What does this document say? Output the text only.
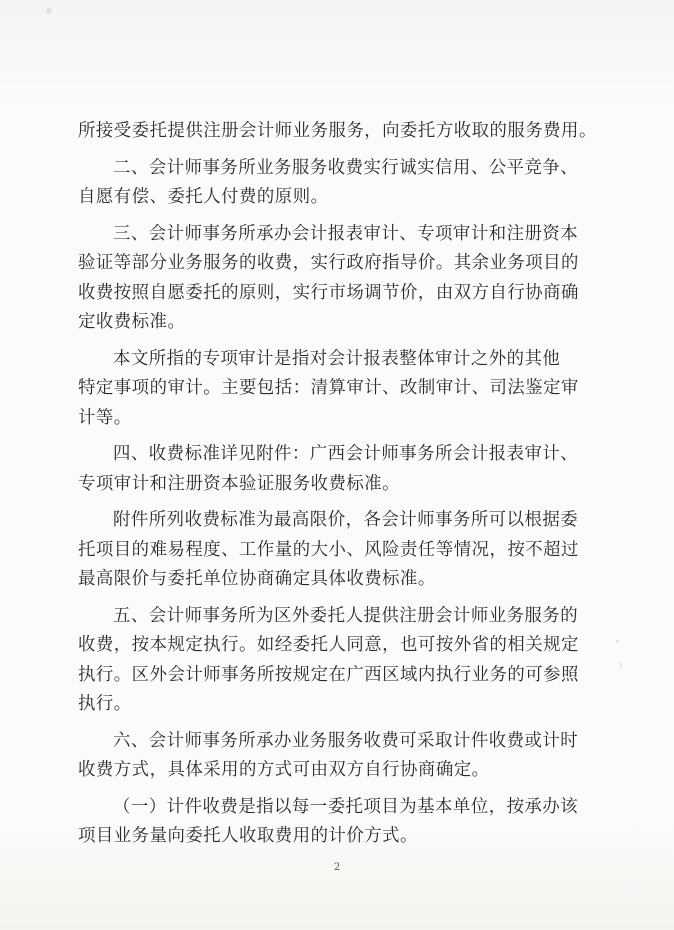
所接受委托提供注册会计师业务服务，向委托方收取的服务费用。
二、会计师事务所业务服务收费实行诚实信用、公平竞争、
自愿有偿、委托人付费的原则。
三、会计师事务所承办会计报表审计、专项审计和注册资本
验证等部分业务服务的收费，实行政府指导价。其余业务项目的
收费按照自愿委托的原则，实行市场调节价，由双方自行协商确
定收费标准。
本文所指的专项审计是指对会计报表整体审计之外的其他
特定事项的审计。主要包括：清算审计、改制审计、司法鉴定审
计等。
四、收费标准详见附件：广西会计师事务所会计报表审计、
专项审计和注册资本验证服务收费标准。
附件所列收费标准为最高限价，各会计师事务所可以根据委
托项目的难易程度、工作量的大小、风险责任等情况，按不超过
最高限价与委托单位协商确定具体收费标准。
五、会计师事务所为区外委托人提供注册会计师业务服务的
收费，按本规定执行。如经委托人同意，也可按外省的相关规定
执行。区外会计师事务所按规定在广西区域内执行业务的可参照
执行。
六、会计师事务所承办业务服务收费可采取计件收费或计时
收费方式，具体采用的方式可由双方自行协商确定。
（一）计件收费是指以每一委托项目为基本单位，按承办该
项目业务量向委托人收取费用的计价方式。
2
